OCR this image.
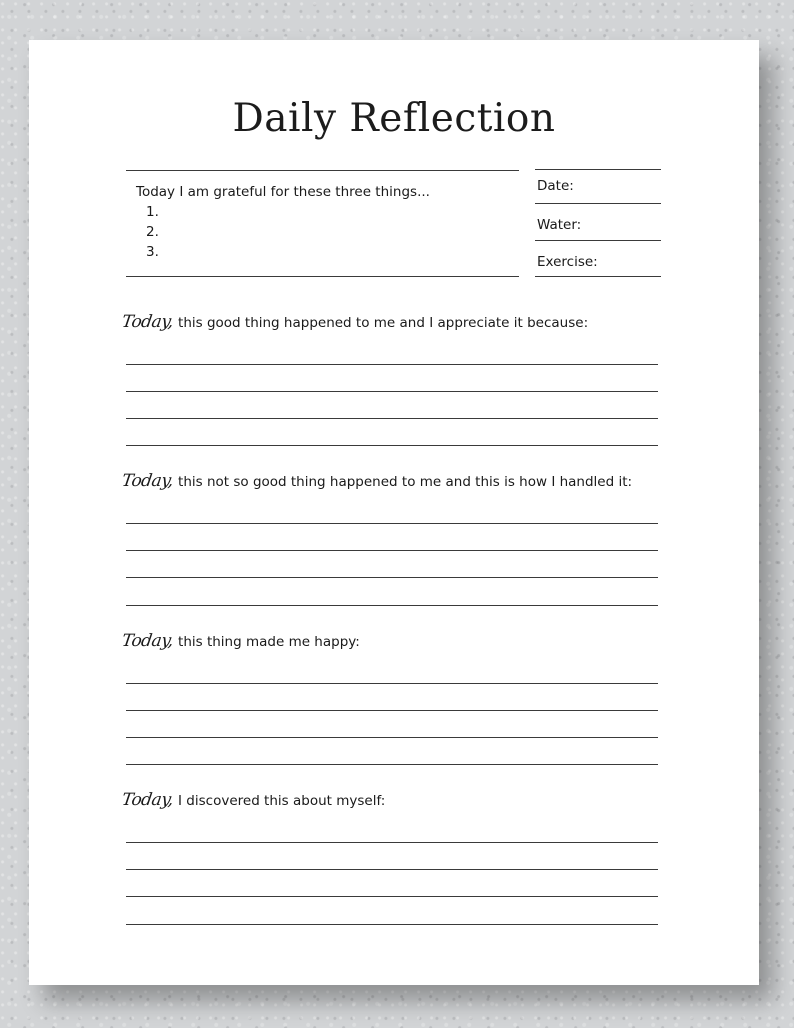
Daily Reflection
Today I am grateful for these three things...
1.
2.
3.
Date:
Water:
Exercise:
Today, this good thing happened to me and I appreciate it because:
Today, this not so good thing happened to me and this is how I handled it:
Today, this thing made me happy:
Today, I discovered this about myself:
